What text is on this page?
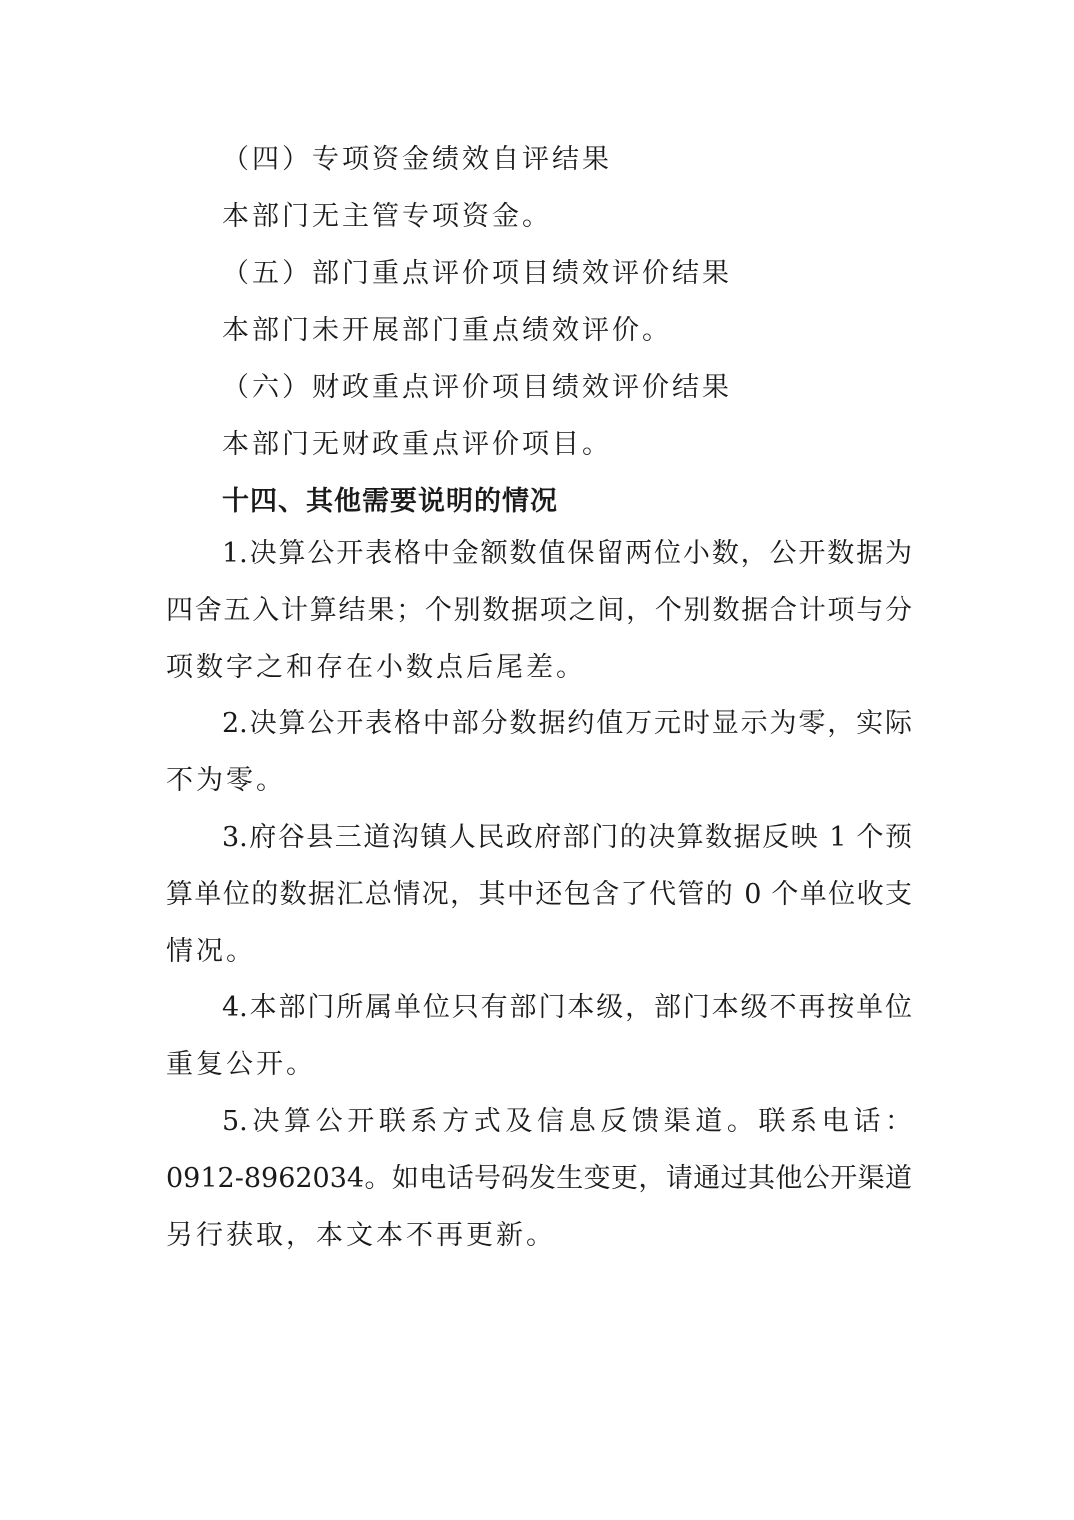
（四）专项资金绩效自评结果
本部门无主管专项资金。
（五）部门重点评价项目绩效评价结果
本部门未开展部门重点绩效评价。
（六）财政重点评价项目绩效评价结果
本部门无财政重点评价项目。
十四、其他需要说明的情况
1.决算公开表格中金额数值保留两位小数，公开数据为
四舍五入计算结果；个别数据项之间，个别数据合计项与分
项数字之和存在小数点后尾差。
2.决算公开表格中部分数据约值万元时显示为零，实际
不为零。
3.府谷县三道沟镇人民政府部门的决算数据反映 1 个预
算单位的数据汇总情况，其中还包含了代管的 0 个单位收支
情况。
4.本部门所属单位只有部门本级，部门本级不再按单位
重复公开。
5.决算公开联系方式及信息反馈渠道。联系电话：
0912-8962034。如电话号码发生变更，请通过其他公开渠道
另行获取，本文本不再更新。
